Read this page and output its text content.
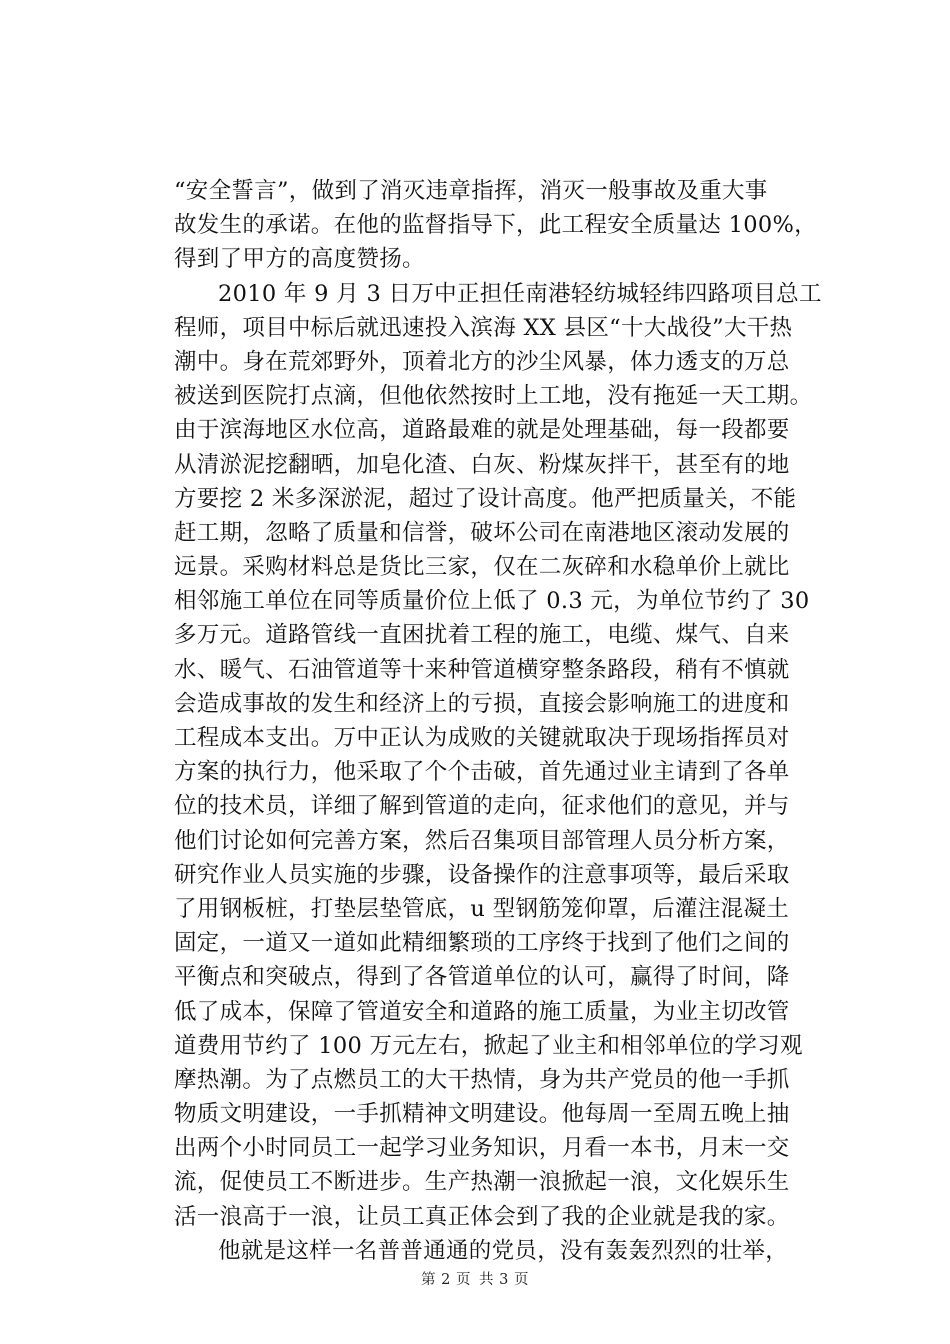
“安全誓言”，做到了消灭违章指挥，消灭一般事故及重大事
故发生的承诺。在他的监督指导下，此工程安全质量达 100%，
得到了甲方的高度赞扬。
2010 年 9 月 3 日万中正担任南港轻纺城轻纬四路项目总工
程师，项目中标后就迅速投入滨海 XX 县区“十大战役”大干热
潮中。身在荒郊野外，顶着北方的沙尘风暴，体力透支的万总
被送到医院打点滴，但他依然按时上工地，没有拖延一天工期。
由于滨海地区水位高，道路最难的就是处理基础，每一段都要
从清淤泥挖翻晒，加皂化渣、白灰、粉煤灰拌干，甚至有的地
方要挖 2 米多深淤泥，超过了设计高度。他严把质量关，不能
赶工期，忽略了质量和信誉，破坏公司在南港地区滚动发展的
远景。采购材料总是货比三家，仅在二灰碎和水稳单价上就比
相邻施工单位在同等质量价位上低了 0.3 元，为单位节约了 30
多万元。道路管线一直困扰着工程的施工，电缆、煤气、自来
水、暖气、石油管道等十来种管道横穿整条路段，稍有不慎就
会造成事故的发生和经济上的亏损，直接会影响施工的进度和
工程成本支出。万中正认为成败的关键就取决于现场指挥员对
方案的执行力，他采取了个个击破，首先通过业主请到了各单
位的技术员，详细了解到管道的走向，征求他们的意见，并与
他们讨论如何完善方案，然后召集项目部管理人员分析方案，
研究作业人员实施的步骤，设备操作的注意事项等，最后采取
了用钢板桩，打垫层垫管底，u 型钢筋笼仰罩，后灌注混凝土
固定，一道又一道如此精细繁琐的工序终于找到了他们之间的
平衡点和突破点，得到了各管道单位的认可，赢得了时间，降
低了成本，保障了管道安全和道路的施工质量，为业主切改管
道费用节约了 100 万元左右，掀起了业主和相邻单位的学习观
摩热潮。为了点燃员工的大干热情，身为共产党员的他一手抓
物质文明建设，一手抓精神文明建设。他每周一至周五晚上抽
出两个小时同员工一起学习业务知识，月看一本书，月末一交
流，促使员工不断进步。生产热潮一浪掀起一浪，文化娱乐生
活一浪高于一浪，让员工真正体会到了我的企业就是我的家。
他就是这样一名普普通通的党员，没有轰轰烈烈的壮举，
第 2 页 共 3 页
